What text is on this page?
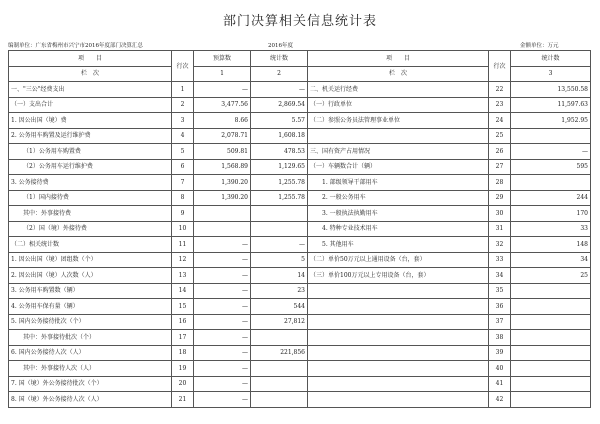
部门决算相关信息统计表
编制单位：广东省梅州市兴宁市2016年度部门决算汇总	2016年度	金额单位：万元
项　　目	行次	预算数	统计数	项　　目	行次	统计数
栏　次		1	2	栏　次		3
一、"三公"经费支出	1	—	—	二、机关运行经费	22	13,550.58
（一）支出合计	2	3,477.56	2,869.54	（一）行政单位	23	11,597.63
1. 因公出国（境）费	3	8.66	5.57	（二）参照公务员法管理事业单位	24	1,952.95
2. 公务用车购置及运行维护费	4	2,078.71	1,608.18		25	
（1）公务用车购置费	5	509.81	478.53	三、国有资产占用情况	26	—
（2）公务用车运行维护费	6	1,568.89	1,129.65	（一）车辆数合计（辆）	27	595
3. 公务接待费	7	1,390.20	1,255.78	1. 部级领导干部用车	28	
（1）国内接待费	8	1,390.20	1,255.78	2. 一般公务用车	29	244
其中：外事接待费	9			3. 一般执法执勤用车	30	170
（2）国（境）外接待费	10			4. 特种专业技术用车	31	33
（二）相关统计数	11	—	—	5. 其他用车	32	148
1. 因公出国（境）团组数（个）	12	—	5	（二）单价50万元以上通用设备（台，套）	33	34
2. 因公出国（境）人次数（人）	13	—	14	（三）单价100万元以上专用设备（台，套）	34	25
3. 公务用车购置数（辆）	14	—	23		35	
4. 公务用车保有量（辆）	15	—	544		36	
5. 国内公务接待批次（个）	16	—	27,812		37	
其中：外事接待批次（个）	17	—			38	
6. 国内公务接待人次（人）	18	—	221,856		39	
其中：外事接待人次（人）	19	—			40	
7. 国（境）外公务接待批次（个）	20	—			41	
8. 国（境）外公务接待人次（人）	21	—			42	
